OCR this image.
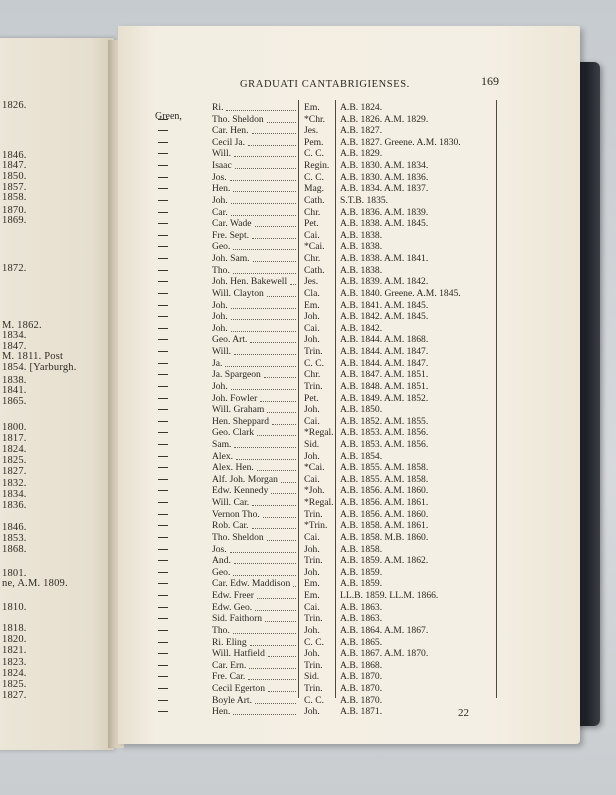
1826.
1846.
1847.
1850.
1857.
1858.
1870.
1869.
1872.
M. 1862.
1834.
1847.
M. 1811. Post
1854. [Yarburgh.
1838.
1841.
1865.
1800.
1817.
1824.
1825.
1827.
1832.
1834.
1836.
1846.
1853.
1868.
1801.
ne, A.M. 1809.
1810.
1818.
1820.
1821.
1823.
1824.
1825.
1827.
GRADUATI CANTABRIGIENSES.	169
Green,
Ri.	Em.	A.B. 1824.
Tho. Sheldon	*Chr.	A.B. 1826. A.M. 1829.
Car. Hen.	Jes.	A.B. 1827.
Cecil Ja.	Pem.	A.B. 1827. Greene. A.M. 1830.
Will.	C. C.	A.B. 1829.
Isaac	Regin.	A.B. 1830. A.M. 1834.
Jos.	C. C.	A.B. 1830. A.M. 1836.
Hen.	Mag.	A.B. 1834. A.M. 1837.
Joh.	Cath.	S.T.B. 1835.
Car.	Chr.	A.B. 1836. A.M. 1839.
Car. Wade	Pet.	A.B. 1838. A.M. 1845.
Fre. Sept.	Cai.	A.B. 1838.
Geo.	*Cai.	A.B. 1838.
Joh. Sam.	Chr.	A.B. 1838. A.M. 1841.
Tho.	Cath.	A.B. 1838.
Joh. Hen. Bakewell Jes.	A.B. 1839. A.M. 1842.
Will. Clayton	Cla.	A.B. 1840. Greene. A.M. 1845.
Joh.	Em.	A.B. 1841. A.M. 1845.
Joh.	Joh.	A.B. 1842. A.M. 1845.
Joh.	Cai.	A.B. 1842.
Geo. Art.	Joh.	A.B. 1844. A.M. 1868.
Will.	Trin.	A.B. 1844. A.M. 1847.
Ja.	C. C.	A.B. 1844. A.M. 1847.
Ja. Spargeon	Chr.	A.B. 1847. A.M. 1851.
Joh.	Trin.	A.B. 1848. A.M. 1851.
Joh. Fowler	Pet.	A.B. 1849. A.M. 1852.
Will. Graham	Joh.	A.B. 1850.
Hen. Sheppard	Cai.	A.B. 1852. A.M. 1855.
Geo. Clark	*Regal. A.B. 1853. A.M. 1856.
Sam.	Sid.	A.B. 1853. A.M. 1856.
Alex.	Joh.	A.B. 1854.
Alex. Hen.	*Cai.	A.B. 1855. A.M. 1858.
Alf. Joh. Morgan	Cai.	A.B. 1855. A.M. 1858.
Edw. Kennedy	*Joh.	A.B. 1856. A.M. 1860.
Will. Car.	*Regal. A.B. 1856. A.M. 1861.
Vernon Tho.	Trin.	A.B. 1856. A.M. 1860.
Rob. Car.	*Trin.	A.B. 1858. A.M. 1861.
Tho. Sheldon	Cai.	A.B. 1858. M.B. 1860.
Jos.	Joh.	A.B. 1858.
And.	Trin.	A.B. 1859. A.M. 1862.
Geo.	Joh.	A.B. 1859.
Car. Edw. Maddison Em.	A.B. 1859.
Edw. Freer	Em.	LL.B. 1859. LL.M. 1866.
Edw. Geo.	Cai.	A.B. 1863.
Sid. Faithorn	Trin.	A.B. 1863.
Tho.	Joh.	A.B. 1864. A.M. 1867.
Ri. Eling	C. C.	A.B. 1865.
Will. Hatfield	Joh.	A.B. 1867. A.M. 1870.
Car. Ern.	Trin.	A.B. 1868.
Fre. Car.	Sid.	A.B. 1870.
Cecil Egerton	Trin.	A.B. 1870.
Boyle Art.	C. C.	A.B. 1870.
Hen.	Joh.	A.B. 1871.	22
